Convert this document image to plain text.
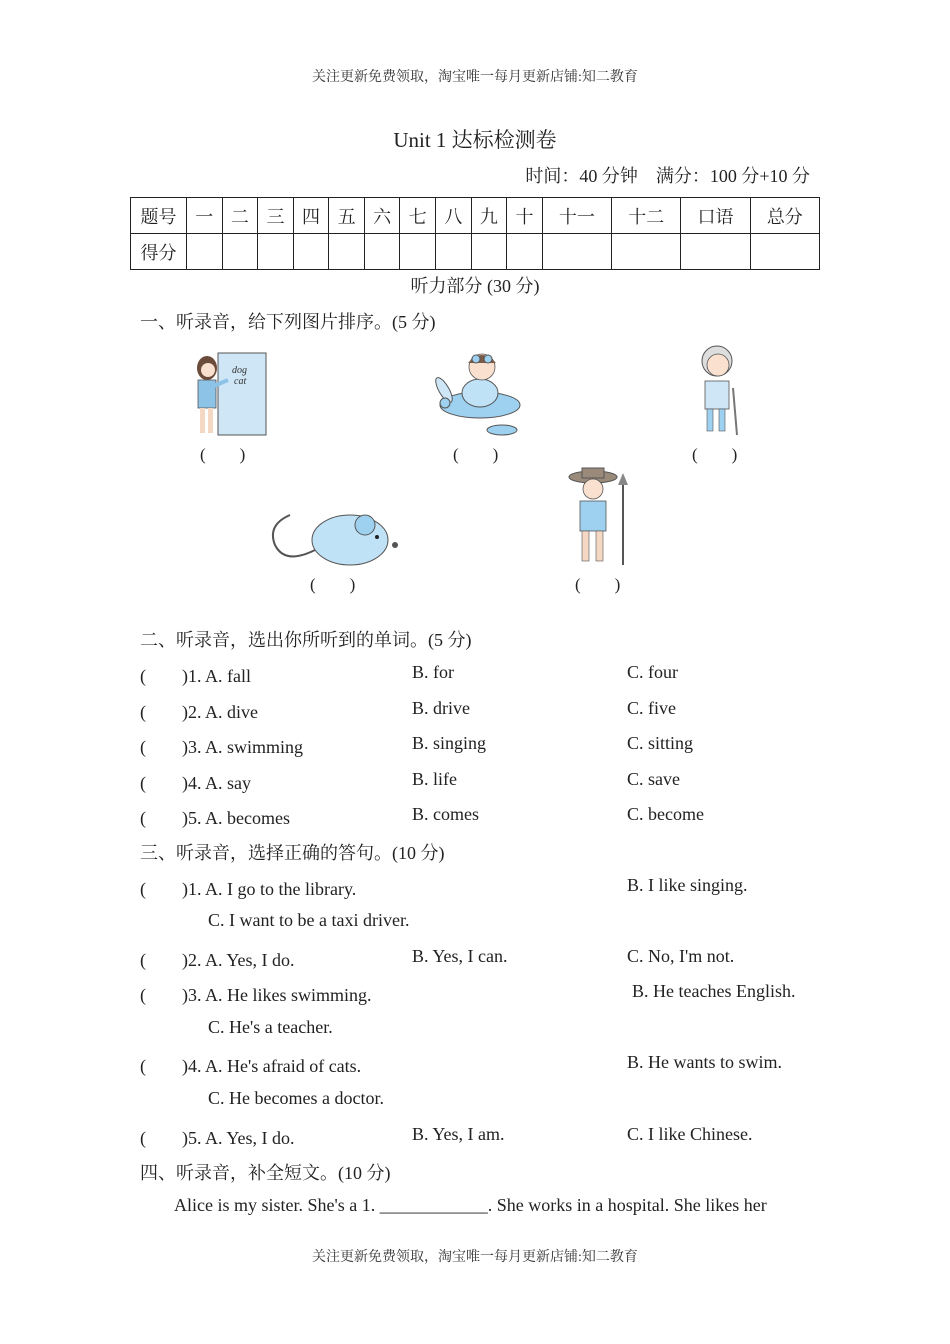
关注更新免费领取，淘宝唯一每月更新店铺:知二教育
Unit 1 达标检测卷
时间：40 分钟　满分：100 分+10 分
题号	一	二	三	四	五	六	七	八	九	十	十一	十二	口语	总分
得分														
听力部分 (30 分)
一、听录音，给下列图片排序。(5 分)
dog
cat
(　　)	(　　)	(　　)
(　　)	(　　)
二、听录音，选出你所听到的单词。(5 分)
(　　)1. A. fall	B. for	C. four
(　　)2. A. dive	B. drive	C. five
(　　)3. A. swimming	B. singing	C. sitting
(　　)4. A. say	B. life	C. save
(　　)5. A. becomes	B. comes	C. become
三、听录音，选择正确的答句。(10 分)
(　　)1. A. I go to the library.	B. I like singing.
C. I want to be a taxi driver.
(　　)2. A. Yes, I do.	B. Yes, I can.	C. No, I'm not.
(　　)3. A. He likes swimming.	B. He teaches English.
C. He's a teacher.
(　　)4. A. He's afraid of cats.	B. He wants to swim.
C. He becomes a doctor.
(　　)5. A. Yes, I do.	B. Yes, I am.	C. I like Chinese.
四、听录音，补全短文。(10 分)
Alice is my sister. She's a 1. ____________. She works in a hospital. She likes her
关注更新免费领取，淘宝唯一每月更新店铺:知二教育
